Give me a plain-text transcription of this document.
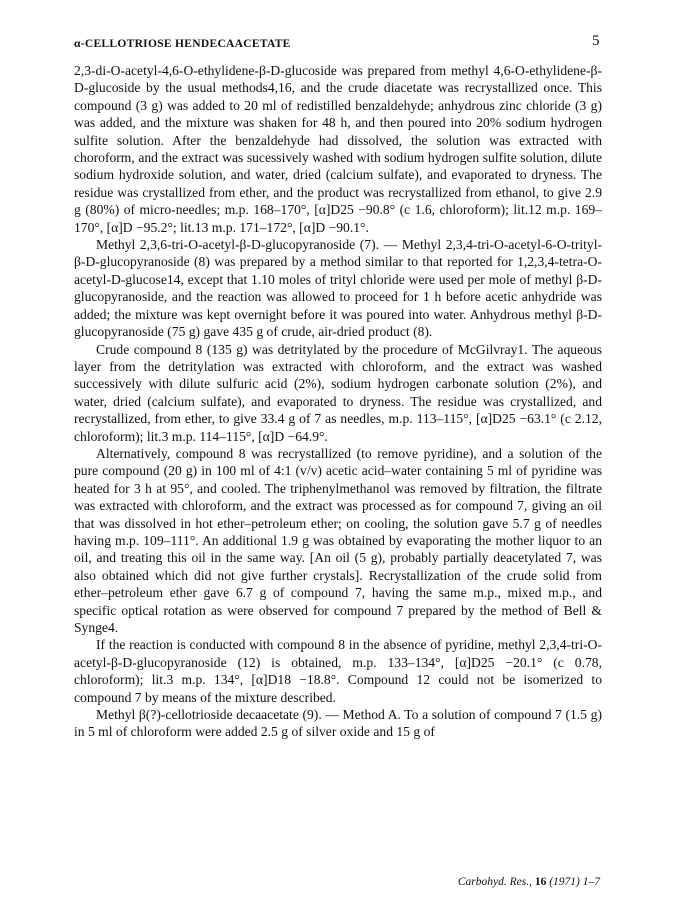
α-CELLOTRIOSE HENDECAACETATE	5

2,3-di-O-acetyl-4,6-O-ethylidene-β-D-glucoside was prepared from methyl 4,6-O-ethylidene-β-D-glucoside by the usual methods4,16, and the crude diacetate was recrystallized once. This compound (3 g) was added to 20 ml of redistilled benzaldehyde; anhydrous zinc chloride (3 g) was added, and the mixture was shaken for 48 h, and then poured into 20% sodium hydrogen sulfite solution. After the benzaldehyde had dissolved, the solution was extracted with choroform, and the extract was sucessively washed with sodium hydrogen sulfite solution, dilute sodium hydroxide solution, and water, dried (calcium sulfate), and evaporated to dryness. The residue was crystallized from ether, and the product was recrystallized from ethanol, to give 2.9 g (80%) of micro-needles; m.p. 168–170°, [α]D25 −90.8° (c 1.6, chloroform); lit.12 m.p. 169–170°, [α]D −95.2°; lit.13 m.p. 171–172°, [α]D −90.1°.

Methyl 2,3,6-tri-O-acetyl-β-D-glucopyranoside (7). — Methyl 2,3,4-tri-O-acetyl-6-O-trityl-β-D-glucopyranoside (8) was prepared by a method similar to that reported for 1,2,3,4-tetra-O-acetyl-D-glucose14, except that 1.10 moles of trityl chloride were used per mole of methyl β-D-glucopyranoside, and the reaction was allowed to proceed for 1 h before acetic anhydride was added; the mixture was kept overnight before it was poured into water. Anhydrous methyl β-D-glucopyranoside (75 g) gave 435 g of crude, air-dried product (8).

Crude compound 8 (135 g) was detritylated by the procedure of McGilvray1. The aqueous layer from the detritylation was extracted with chloroform, and the extract was washed successively with dilute sulfuric acid (2%), sodium hydrogen carbonate solution (2%), and water, dried (calcium sulfate), and evaporated to dryness. The residue was crystallized, and recrystallized, from ether, to give 33.4 g of 7 as needles, m.p. 113–115°, [α]D25 −63.1° (c 2.12, chloroform); lit.3 m.p. 114–115°, [α]D −64.9°.

Alternatively, compound 8 was recrystallized (to remove pyridine), and a solution of the pure compound (20 g) in 100 ml of 4:1 (v/v) acetic acid–water containing 5 ml of pyridine was heated for 3 h at 95°, and cooled. The triphenylmethanol was removed by filtration, the filtrate was extracted with chloroform, and the extract was processed as for compound 7, giving an oil that was dissolved in hot ether–petroleum ether; on cooling, the solution gave 5.7 g of needles having m.p. 109–111°. An additional 1.9 g was obtained by evaporating the mother liquor to an oil, and treating this oil in the same way. [An oil (5 g), probably partially deacetylated 7, was also obtained which did not give further crystals]. Recrystallization of the crude solid from ether–petroleum ether gave 6.7 g of compound 7, having the same m.p., mixed m.p., and specific optical rotation as were observed for compound 7 prepared by the method of Bell & Synge4.

If the reaction is conducted with compound 8 in the absence of pyridine, methyl 2,3,4-tri-O-acetyl-β-D-glucopyranoside (12) is obtained, m.p. 133–134°, [α]D25 −20.1° (c 0.78, chloroform); lit.3 m.p. 134°, [α]D18 −18.8°. Compound 12 could not be isomerized to compound 7 by means of the mixture described.

Methyl β(?)-cellotrioside decaacetate (9). — Method A. To a solution of compound 7 (1.5 g) in 5 ml of chloroform were added 2.5 g of silver oxide and 15 g of

Carbohyd. Res., 16 (1971) 1–7
